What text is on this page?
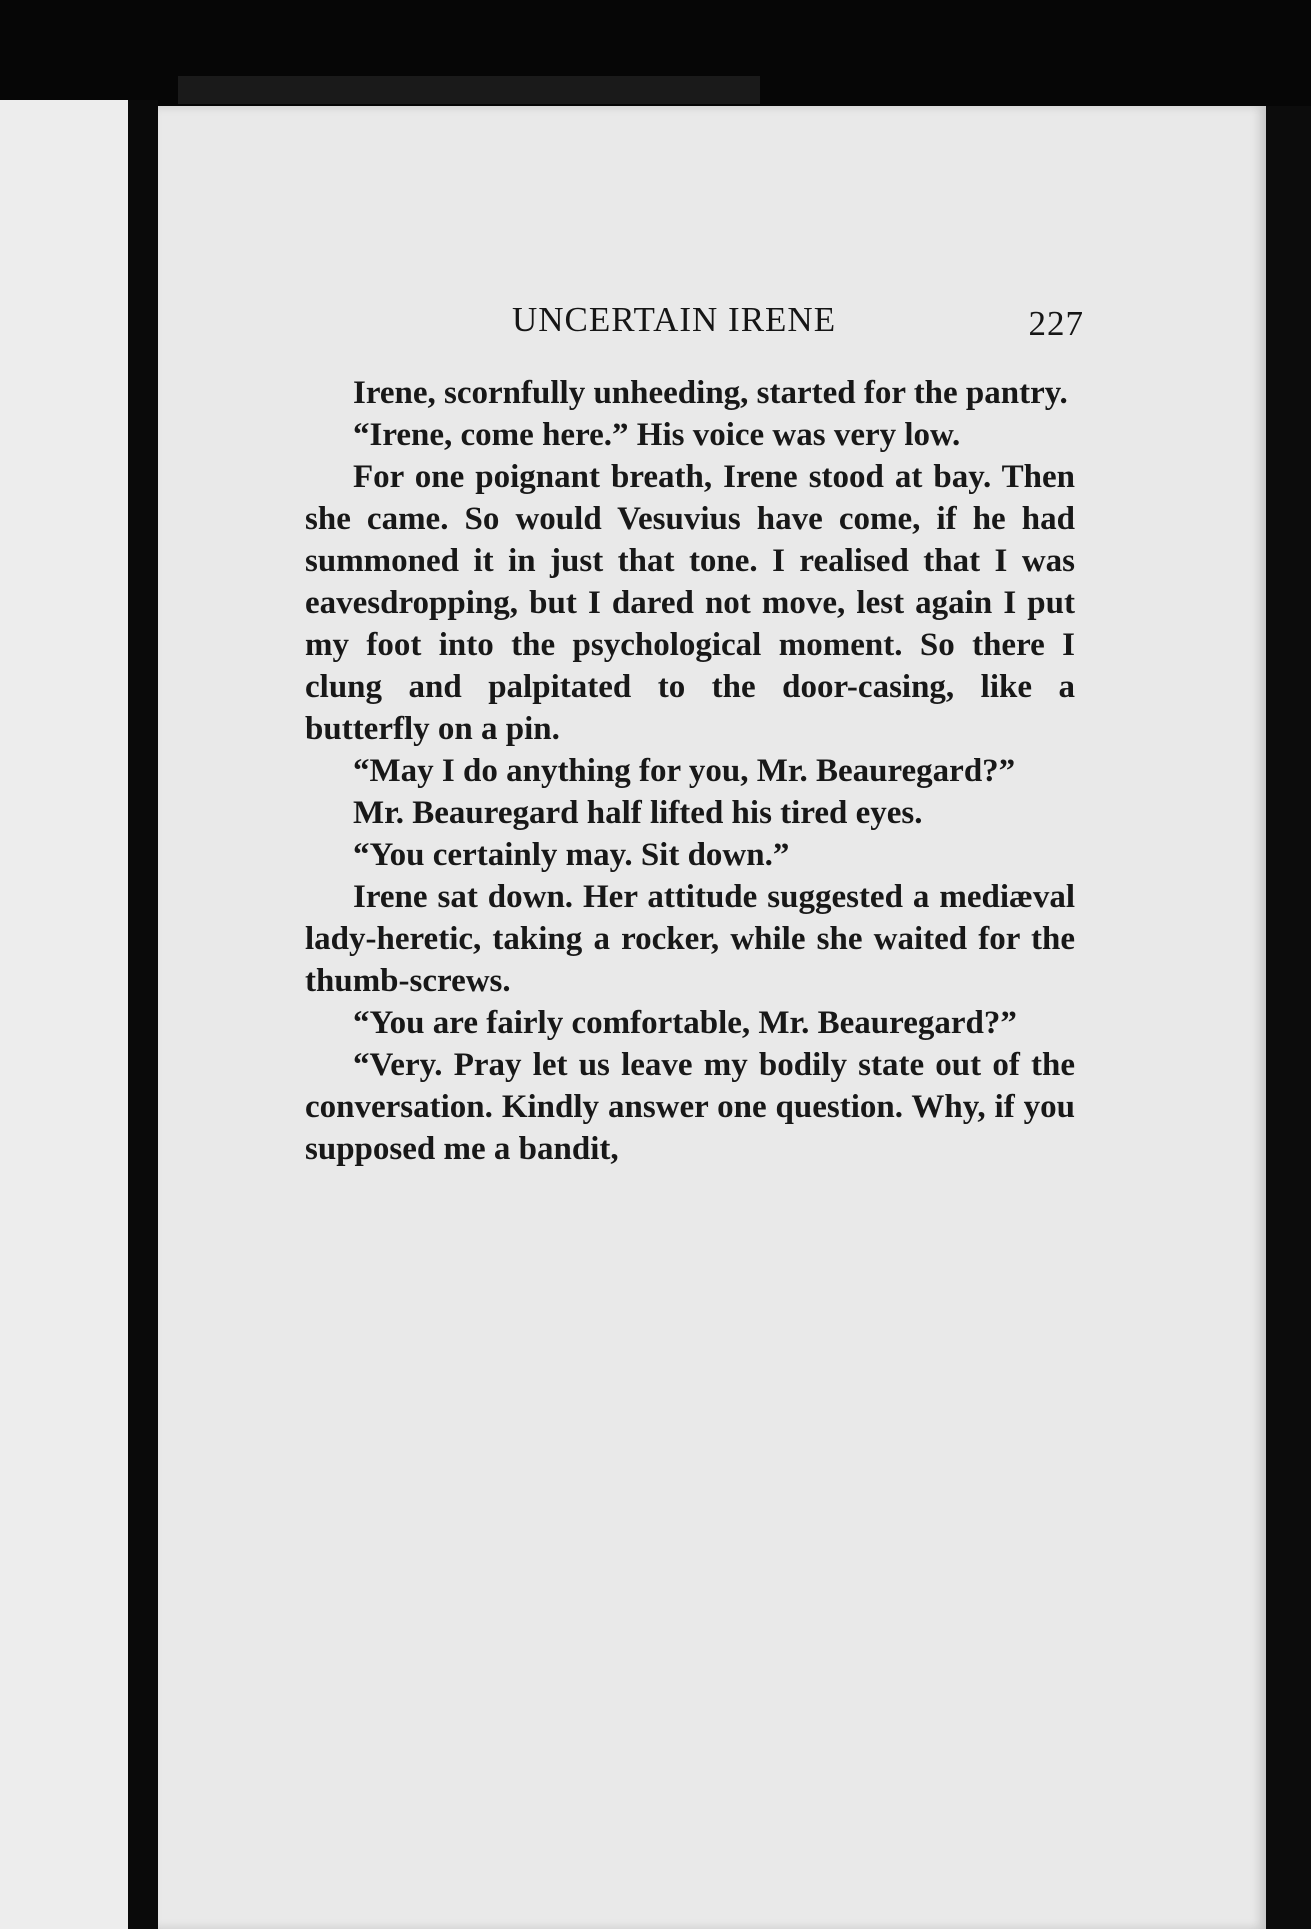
UNCERTAIN IRENE	227

Irene, scornfully unheeding, started for the pantry.

“Irene, come here.” His voice was very low.

For one poignant breath, Irene stood at bay. Then she came. So would Vesuvius have come, if he had summoned it in just that tone. I realised that I was eavesdropping, but I dared not move, lest again I put my foot into the psychological moment. So there I clung and palpitated to the door-casing, like a butterfly on a pin.

“May I do anything for you, Mr. Beauregard?”

Mr. Beauregard half lifted his tired eyes.

“You certainly may. Sit down.”

Irene sat down. Her attitude suggested a mediæval lady-heretic, taking a rocker, while she waited for the thumb-screws.

“You are fairly comfortable, Mr. Beauregard?”

“Very. Pray let us leave my bodily state out of the conversation. Kindly answer one question. Why, if you supposed me a bandit,
